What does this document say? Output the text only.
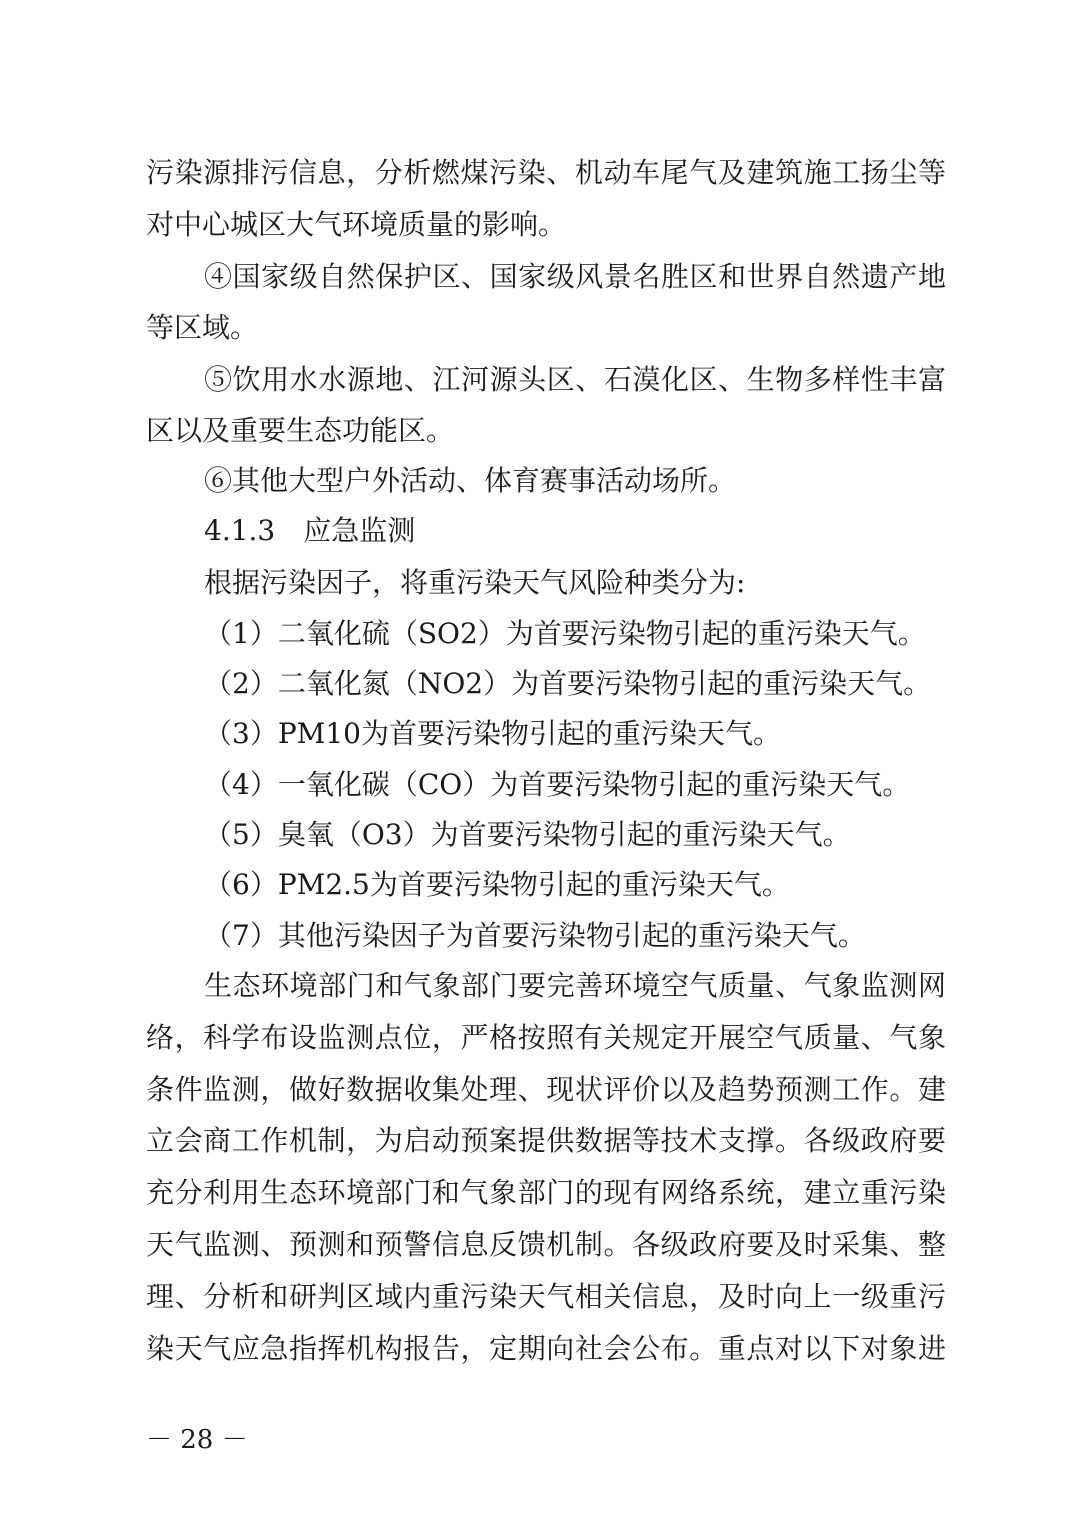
污染源排污信息，分析燃煤污染、机动车尾气及建筑施工扬尘等
对中心城区大气环境质量的影响。
④国家级自然保护区、国家级风景名胜区和世界自然遗产地
等区域。
⑤饮用水水源地、江河源头区、石漠化区、生物多样性丰富
区以及重要生态功能区。
⑥其他大型户外活动、体育赛事活动场所。
4.1.3　应急监测
根据污染因子，将重污染天气风险种类分为:
（1）二氧化硫（SO2）为首要污染物引起的重污染天气。
（2）二氧化氮（NO2）为首要污染物引起的重污染天气。
（3）PM10为首要污染物引起的重污染天气。
（4）一氧化碳（CO）为首要污染物引起的重污染天气。
（5）臭氧（O3）为首要污染物引起的重污染天气。
（6）PM2.5为首要污染物引起的重污染天气。
（7）其他污染因子为首要污染物引起的重污染天气。
生态环境部门和气象部门要完善环境空气质量、气象监测网
络，科学布设监测点位，严格按照有关规定开展空气质量、气象
条件监测，做好数据收集处理、现状评价以及趋势预测工作。建
立会商工作机制，为启动预案提供数据等技术支撑。各级政府要
充分利用生态环境部门和气象部门的现有网络系统，建立重污染
天气监测、预测和预警信息反馈机制。各级政府要及时采集、整
理、分析和研判区域内重污染天气相关信息，及时向上一级重污
染天气应急指挥机构报告，定期向社会公布。重点对以下对象进
－ 28 －
